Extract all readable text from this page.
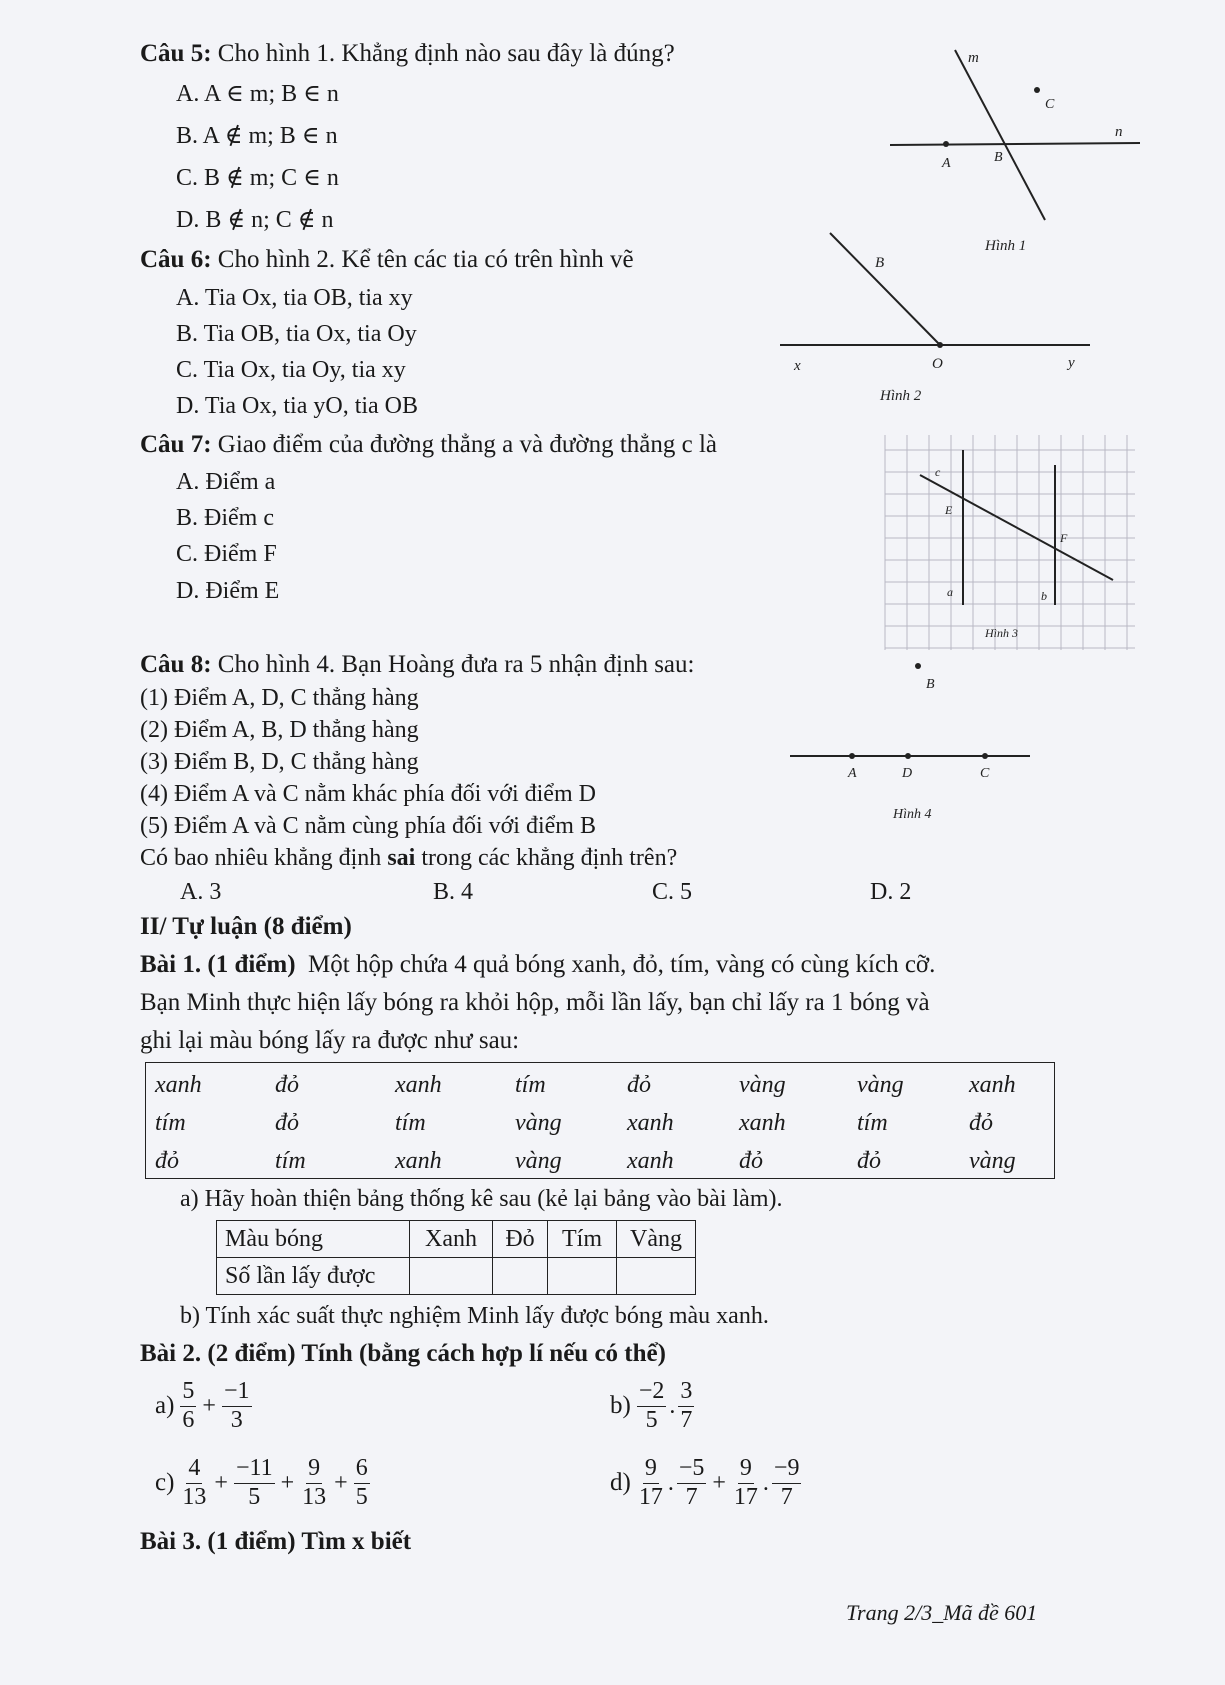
Câu 5: Cho hình 1. Khẳng định nào sau đây là đúng?
A. A ∈ m; B ∈ n
B. A ∉ m; B ∈ n
C. B ∉ m; C ∈ n
D. B ∉ n; C ∉ n
m
n
A	B
C
Hình 1
Câu 6: Cho hình 2. Kể tên các tia có trên hình vẽ
A. Tia Ox, tia OB, tia xy
B. Tia OB, tia Ox, tia Oy
C. Tia Ox, tia Oy, tia xy
D. Tia Ox, tia yO, tia OB
B
x	O	y
Hình 2
Câu 7: Giao điểm của đường thẳng a và đường thẳng c là
A. Điểm a
B. Điểm c
C. Điểm F
D. Điểm E
c
E
F
a	b
Hình 3
Câu 8: Cho hình 4. Bạn Hoàng đưa ra 5 nhận định sau:
(1) Điểm A, D, C thẳng hàng
(2) Điểm A, B, D thẳng hàng
(3) Điểm B, D, C thẳng hàng
(4) Điểm A và C nằm khác phía đối với điểm D
(5) Điểm A và C nằm cùng phía đối với điểm B
Có bao nhiêu khẳng định sai trong các khẳng định trên?
A. 3	B. 4	C. 5	D. 2
B
A	D	C
Hình 4
II/ Tự luận (8 điểm)
Bài 1. (1 điểm) Một hộp chứa 4 quả bóng xanh, đỏ, tím, vàng có cùng kích cỡ.
Bạn Minh thực hiện lấy bóng ra khỏi hộp, mỗi lần lấy, bạn chỉ lấy ra 1 bóng và
ghi lại màu bóng lấy ra được như sau:
xanh	đỏ	xanh	tím	đỏ	vàng	vàng	xanh
tím	đỏ	tím	vàng	xanh	xanh	tím	đỏ
đỏ	tím	xanh	vàng	xanh	đỏ	đỏ	vàng
a) Hãy hoàn thiện bảng thống kê sau (kẻ lại bảng vào bài làm).
Màu bóng	Xanh	Đỏ	Tím	Vàng
Số lần lấy được				
b) Tính xác suất thực nghiệm Minh lấy được bóng màu xanh.
Bài 2. (2 điểm) Tính (bằng cách hợp lí nếu có thể)
$a) \frac{5}{6} + \frac{-1}{3}$	$b) \frac{-2}{5}$ . $\frac{3}{7}$
$c) \frac{4}{13} + \frac{-11}{5} + \frac{9}{13} + \frac{6}{5}$	$d) \frac{9}{17}$ . $\frac{-5}{7} + \frac{9}{17}$ . $\frac{-9}{7}$
Bài 3. (1 điểm) Tìm x biết
Trang 2/3_Mã đề 601
